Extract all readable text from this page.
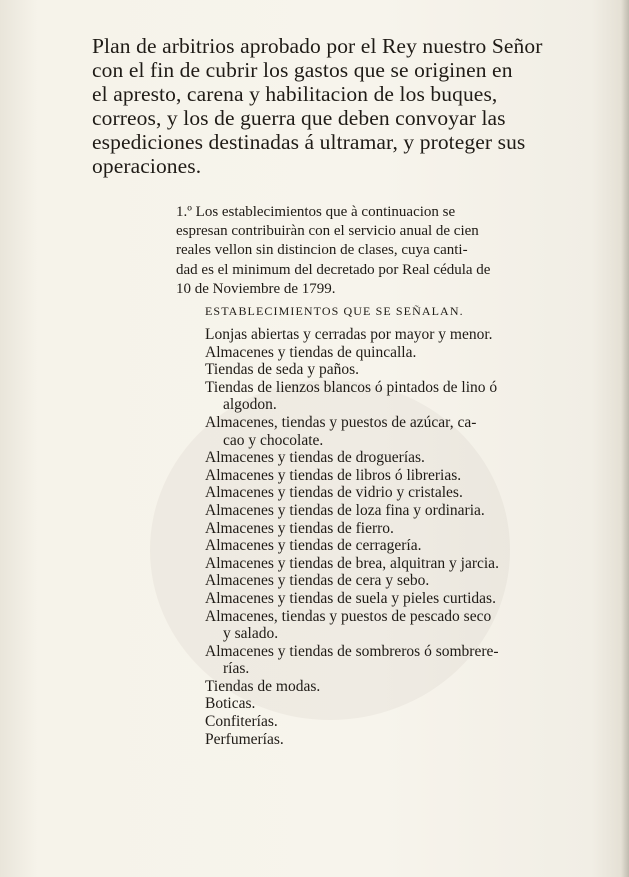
Plan de arbitrios aprobado por el Rey nuestro Señor
con el fin de cubrir los gastos que se originen en
el apresto, carena y habilitacion de los buques,
correos, y los de guerra que deben convoyar las
espediciones destinadas á ultramar, y proteger sus
operaciones.
1.º Los establecimientos que à continuacion se
espresan contribuiràn con el servicio anual de cien
reales vellon sin distincion de clases, cuya canti-
dad es el minimum del decretado por Real cédula de
10 de Noviembre de 1799.
ESTABLECIMIENTOS QUE SE SEÑALAN.
Lonjas abiertas y cerradas por mayor y menor.
Almacenes y tiendas de quincalla.
Tiendas de seda y paños.
Tiendas de lienzos blancos ó pintados de lino ó
algodon.
Almacenes, tiendas y puestos de azúcar, ca-
cao y chocolate.
Almacenes y tiendas de droguerías.
Almacenes y tiendas de libros ó librerias.
Almacenes y tiendas de vidrio y cristales.
Almacenes y tiendas de loza fina y ordinaria.
Almacenes y tiendas de fierro.
Almacenes y tiendas de cerragería.
Almacenes y tiendas de brea, alquitran y jarcia.
Almacenes y tiendas de cera y sebo.
Almacenes y tiendas de suela y pieles curtidas.
Almacenes, tiendas y puestos de pescado seco
y salado.
Almacenes y tiendas de sombreros ó sombrere-
rías.
Tiendas de modas.
Boticas.
Confiterías.
Perfumerías.
